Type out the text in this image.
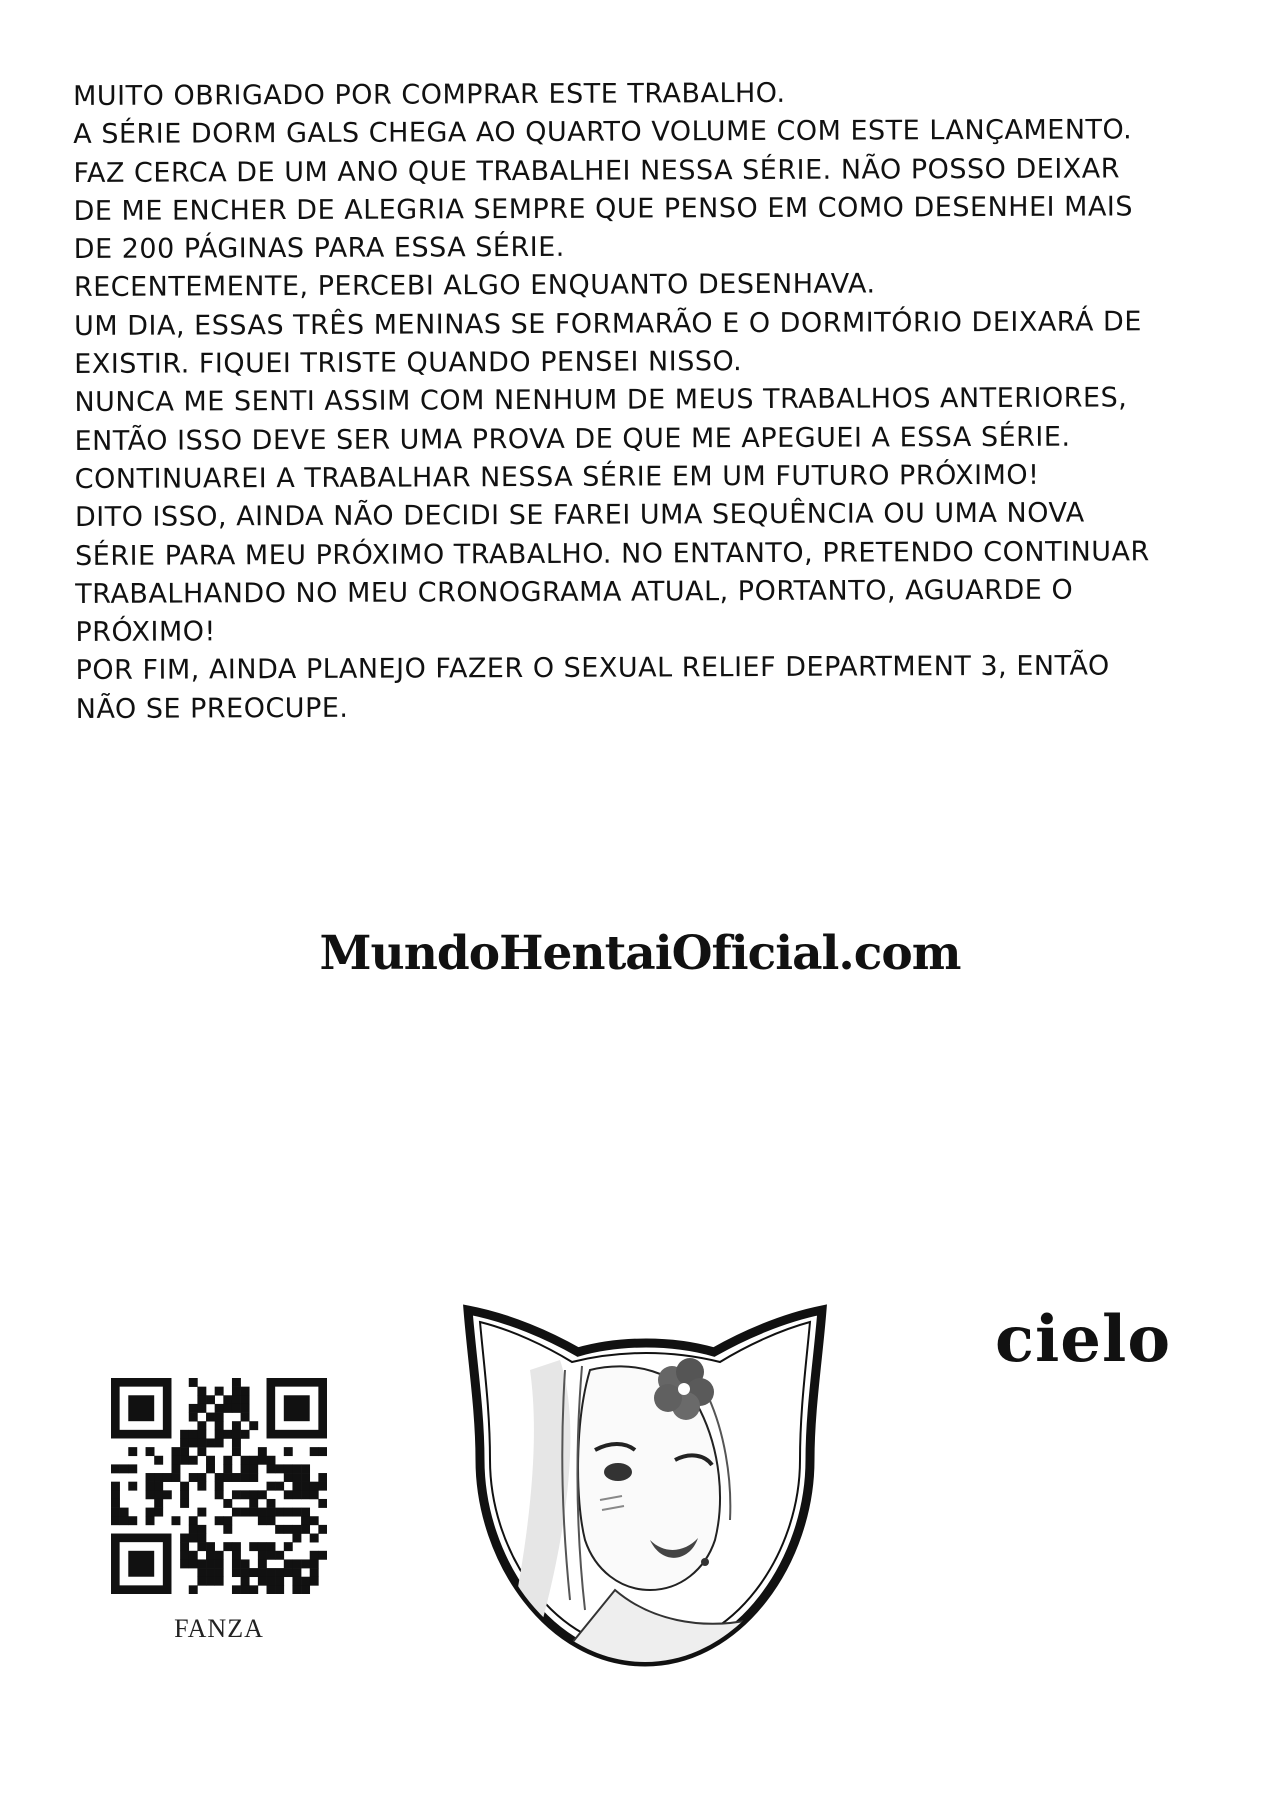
MUITO OBRIGADO POR COMPRAR ESTE TRABALHO.
A SÉRIE DORM GALS CHEGA AO QUARTO VOLUME COM ESTE LANÇAMENTO.
FAZ CERCA DE UM ANO QUE TRABALHEI NESSA SÉRIE. NÃO POSSO DEIXAR
DE ME ENCHER DE ALEGRIA SEMPRE QUE PENSO EM COMO DESENHEI MAIS
DE 200 PÁGINAS PARA ESSA SÉRIE.
RECENTEMENTE, PERCEBI ALGO ENQUANTO DESENHAVA.
UM DIA, ESSAS TRÊS MENINAS SE FORMARÃO E O DORMITÓRIO DEIXARÁ DE
EXISTIR. FIQUEI TRISTE QUANDO PENSEI NISSO.
NUNCA ME SENTI ASSIM COM NENHUM DE MEUS TRABALHOS ANTERIORES,
ENTÃO ISSO DEVE SER UMA PROVA DE QUE ME APEGUEI A ESSA SÉRIE.
CONTINUAREI A TRABALHAR NESSA SÉRIE EM UM FUTURO PRÓXIMO!
DITO ISSO, AINDA NÃO DECIDI SE FAREI UMA SEQUÊNCIA OU UMA NOVA
SÉRIE PARA MEU PRÓXIMO TRABALHO. NO ENTANTO, PRETENDO CONTINUAR
TRABALHANDO NO MEU CRONOGRAMA ATUAL, PORTANTO, AGUARDE O
PRÓXIMO!
POR FIM, AINDA PLANEJO FAZER O SEXUAL RELIEF DEPARTMENT 3, ENTÃO
NÃO SE PREOCUPE.
MundoHentaiOficial.com
FANZA
cielo
